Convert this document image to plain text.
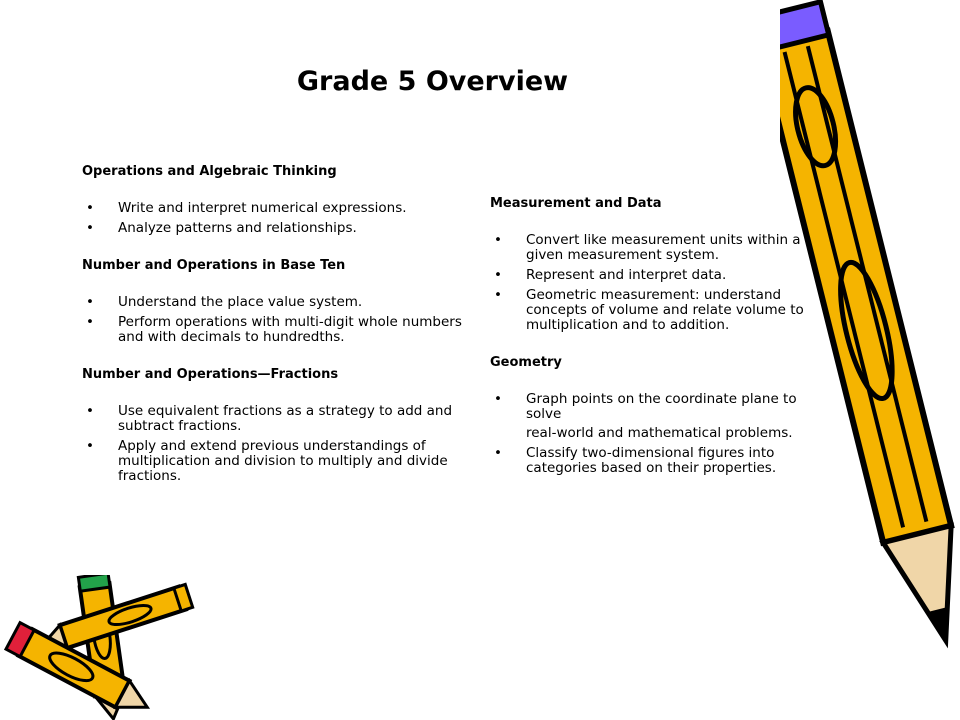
Grade 5 Overview
Operations and Algebraic Thinking
• Write and interpret numerical expressions.
• Analyze patterns and relationships.
Number and Operations in Base Ten
• Understand the place value system.
• Perform operations with multi-digit whole numbers and with decimals to hundredths.
Number and Operations—Fractions
• Use equivalent fractions as a strategy to add and subtract fractions.
• Apply and extend previous understandings of multiplication and division to multiply and divide fractions.
Measurement and Data
• Convert like measurement units within a given measurement system.
• Represent and interpret data.
• Geometric measurement: understand concepts of volume and relate volume to multiplication and to addition.
Geometry
• Graph points on the coordinate plane to solve
real-world and mathematical problems.
• Classify two-dimensional figures into categories based on their properties.
